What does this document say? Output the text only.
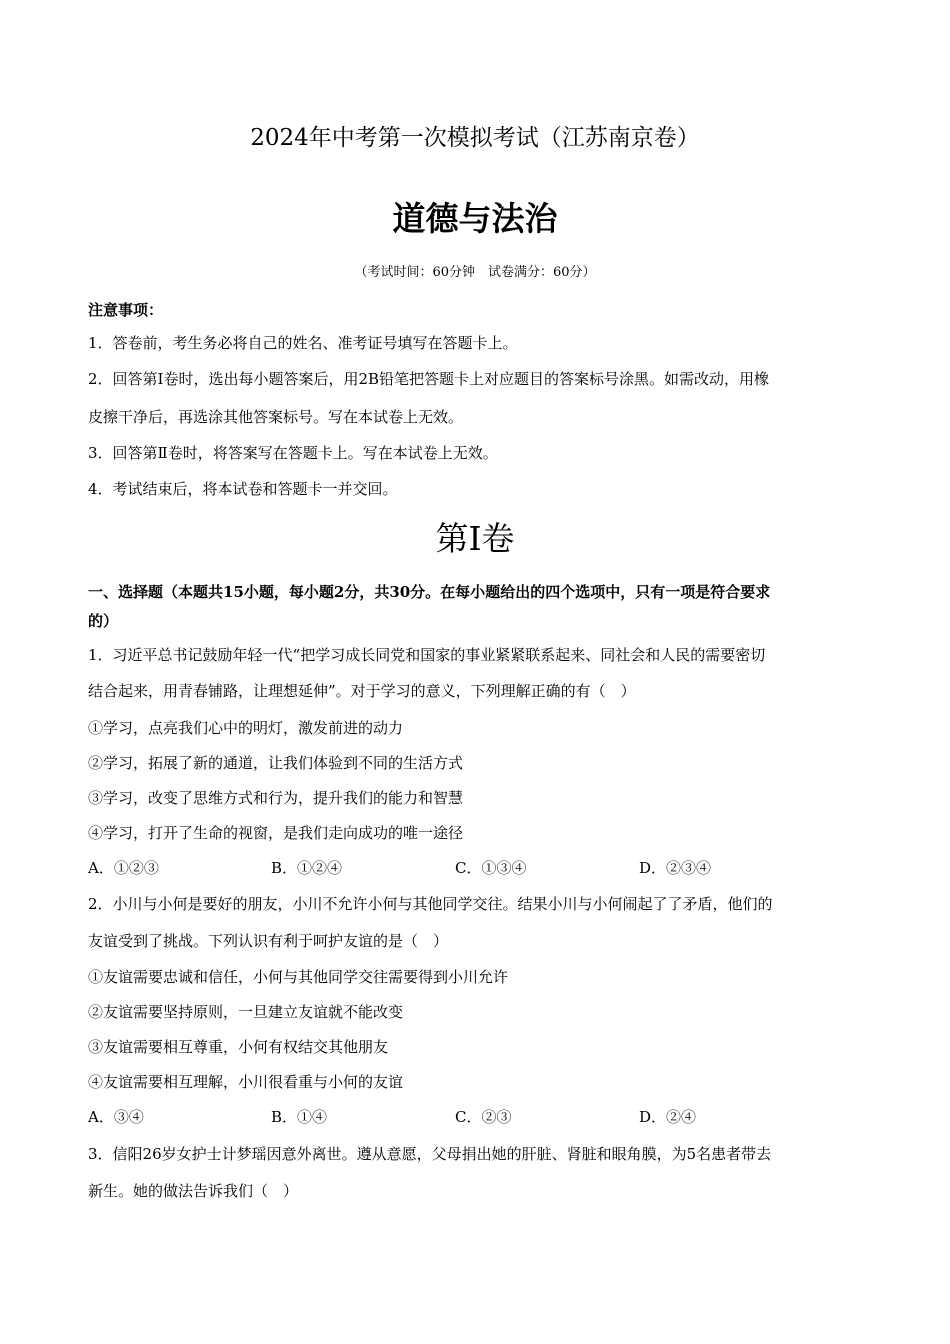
2024年中考第一次模拟考试（江苏南京卷）
道德与法治
（考试时间：60分钟　试卷满分：60分）
注意事项：
1．答卷前，考生务必将自己的姓名、准考证号填写在答题卡上。
2．回答第Ⅰ卷时，选出每小题答案后，用2B铅笔把答题卡上对应题目的答案标号涂黑。如需改动，用橡
皮擦干净后，再选涂其他答案标号。写在本试卷上无效。
3．回答第Ⅱ卷时，将答案写在答题卡上。写在本试卷上无效。
4．考试结束后，将本试卷和答题卡一并交回。
第Ⅰ卷
一、选择题（本题共15小题，每小题2分，共30分。在每小题给出的四个选项中，只有一项是符合要求
的）
1．习近平总书记鼓励年轻一代“把学习成长同党和国家的事业紧紧联系起来、同社会和人民的需要密切
结合起来，用青春铺路，让理想延伸”。对于学习的意义，下列理解正确的有（　）
①学习，点亮我们心中的明灯，激发前进的动力
②学习，拓展了新的通道，让我们体验到不同的生活方式
③学习，改变了思维方式和行为，提升我们的能力和智慧
④学习，打开了生命的视窗，是我们走向成功的唯一途径
A．①②③	B．①②④	C．①③④	D．②③④
2．小川与小何是要好的朋友，小川不允许小何与其他同学交往。结果小川与小何闹起了了矛盾，他们的
友谊受到了挑战。下列认识有利于呵护友谊的是（　）
①友谊需要忠诚和信任，小何与其他同学交往需要得到小川允许
②友谊需要坚持原则，一旦建立友谊就不能改变
③友谊需要相互尊重，小何有权结交其他朋友
④友谊需要相互理解，小川很看重与小何的友谊
A．③④	B．①④	C．②③	D．②④
3．信阳26岁女护士计梦瑶因意外离世。遵从意愿，父母捐出她的肝脏、肾脏和眼角膜，为5名患者带去
新生。她的做法告诉我们（　）
